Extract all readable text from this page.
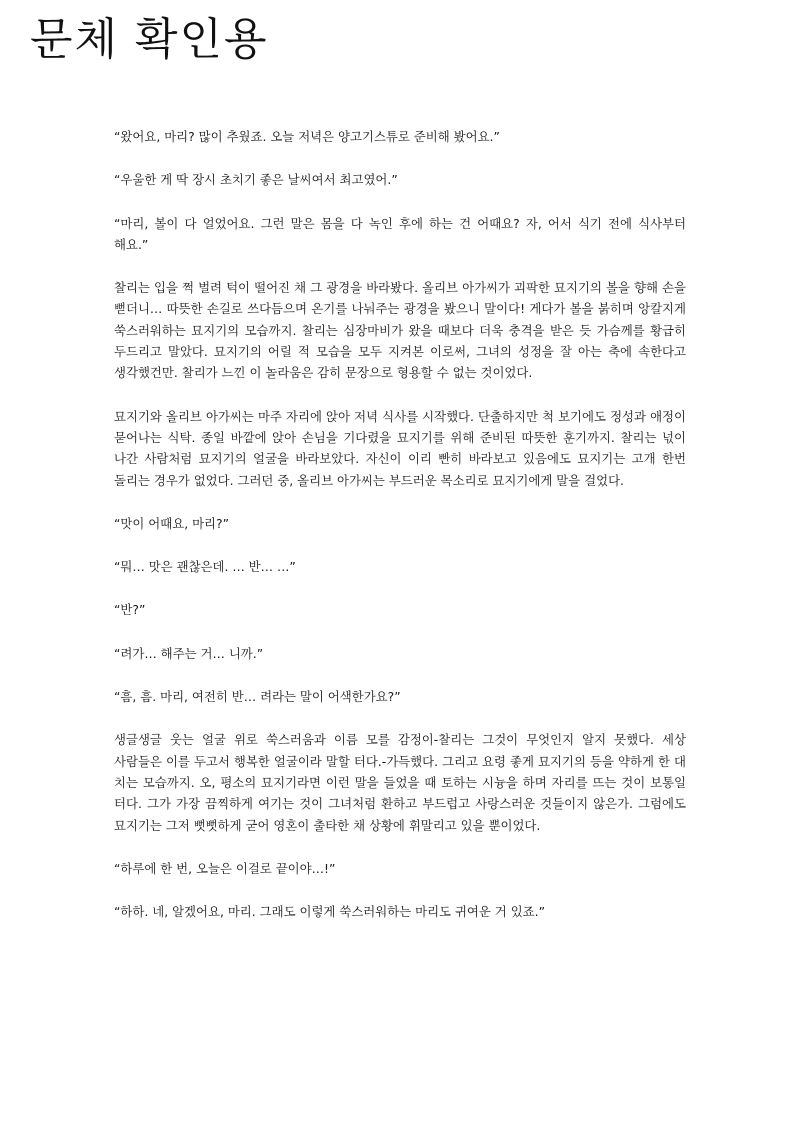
문체 확인용

“왔어요, 마리? 많이 추웠죠. 오늘 저녁은 양고기스튜로 준비해 봤어요.”

“우울한 게 딱 장시 초치기 좋은 날씨여서 최고였어.”

“마리, 볼이 다 얼었어요. 그런 말은 몸을 다 녹인 후에 하는 건 어때요? 자, 어서 식기 전에 식사부터 해요.”

찰리는 입을 쩍 벌려 턱이 떨어진 채 그 광경을 바라봤다. 올리브 아가씨가 괴팍한 묘지기의 볼을 향해 손을 뻗더니… 따뜻한 손길로 쓰다듬으며 온기를 나눠주는 광경을 봤으니 말이다! 게다가 볼을 붉히며 앙칼지게 쑥스러워하는 묘지기의 모습까지. 찰리는 심장마비가 왔을 때보다 더욱 충격을 받은 듯 가슴께를 황급히 두드리고 말았다. 묘지기의 어릴 적 모습을 모두 지켜본 이로써, 그녀의 성정을 잘 아는 축에 속한다고 생각했건만. 찰리가 느낀 이 놀라움은 감히 문장으로 형용할 수 없는 것이었다.

묘지기와 올리브 아가씨는 마주 자리에 앉아 저녁 식사를 시작했다. 단출하지만 척 보기에도 정성과 애정이 묻어나는 식탁. 종일 바깥에 앉아 손님을 기다렸을 묘지기를 위해 준비된 따뜻한 훈기까지. 찰리는 넋이 나간 사람처럼 묘지기의 얼굴을 바라보았다. 자신이 이리 빤히 바라보고 있음에도 묘지기는 고개 한번 돌리는 경우가 없었다. 그러던 중, 올리브 아가씨는 부드러운 목소리로 묘지기에게 말을 걸었다.

“맛이 어때요, 마리?”

“뭐… 맛은 괜찮은데. … 반… …”

“반?”

“려가… 해주는 거… 니까.”

“흠, 흠. 마리, 여전히 반… 려라는 말이 어색한가요?”

생글생글 웃는 얼굴 위로 쑥스러움과 이름 모를 감정이-찰리는 그것이 무엇인지 알지 못했다. 세상 사람들은 이를 두고서 행복한 얼굴이라 말할 터다.-가득했다. 그리고 요령 좋게 묘지기의 등을 약하게 한 대 치는 모습까지. 오, 평소의 묘지기라면 이런 말을 들었을 때 토하는 시늉을 하며 자리를 뜨는 것이 보통일 터다. 그가 가장 끔찍하게 여기는 것이 그녀처럼 환하고 부드럽고 사랑스러운 것들이지 않은가. 그럼에도 묘지기는 그저 뻣뻣하게 굳어 영혼이 출타한 채 상황에 휘말리고 있을 뿐이었다.

“하루에 한 번, 오늘은 이걸로 끝이야…!”

“하하. 네, 알겠어요, 마리. 그래도 이렇게 쑥스러워하는 마리도 귀여운 거 있죠.”
